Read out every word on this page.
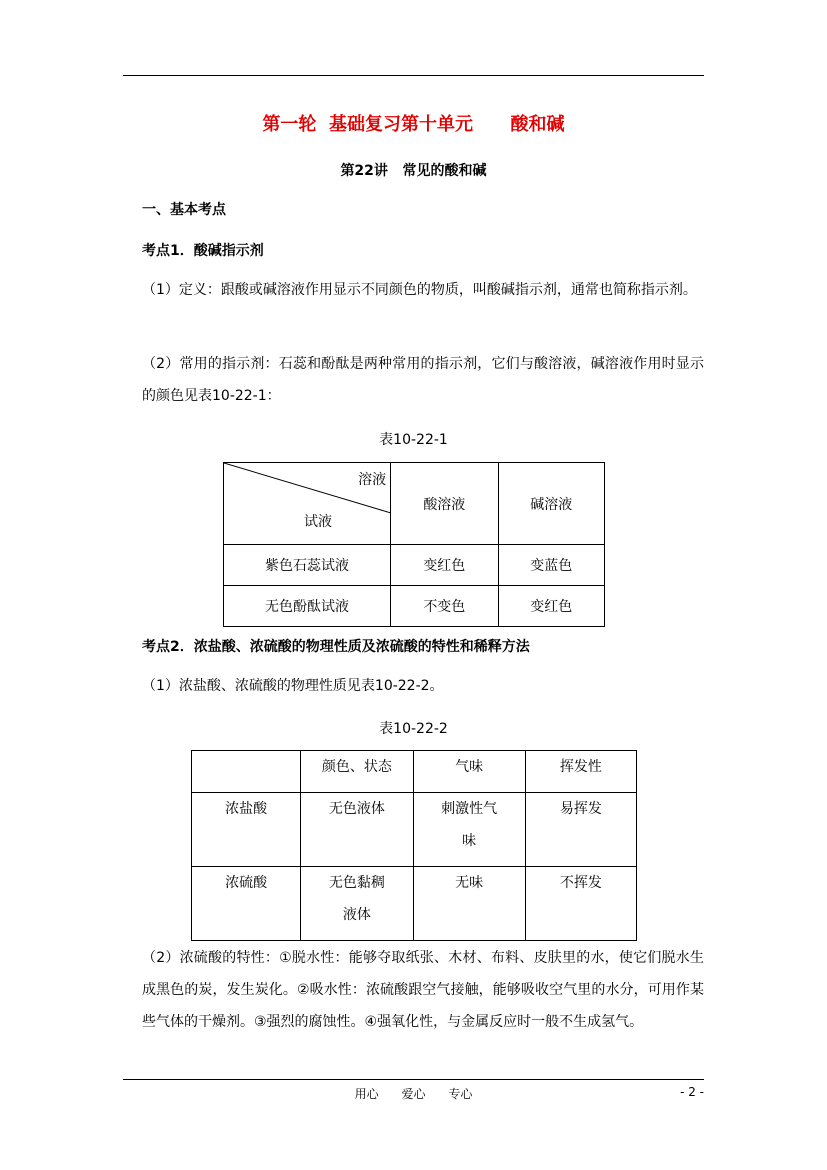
第一轮  基础复习第十单元      酸和碱
第22讲   常见的酸和碱
一、基本考点
考点1．酸碱指示剂
（1）定义：跟酸或碱溶液作用显示不同颜色的物质，叫酸碱指示剂，通常也简称指示剂。
（2）常用的指示剂：石蕊和酚酞是两种常用的指示剂，它们与酸溶液，碱溶液作用时显示的颜色见表10-22-1：
表10-22-1
溶液
试液	酸溶液	碱溶液
紫色石蕊试液	变红色	变蓝色
无色酚酞试液	不变色	变红色
考点2．浓盐酸、浓硫酸的物理性质及浓硫酸的特性和稀释方法
（1）浓盐酸、浓硫酸的物理性质见表10-22-2。
表10-22-2
	颜色、状态	气味	挥发性
浓盐酸	无色液体	刺激性气味	易挥发
浓硫酸	无色黏稠液体	无味	不挥发
（2）浓硫酸的特性：①脱水性：能够夺取纸张、木材、布料、皮肤里的水，使它们脱水生成黑色的炭，发生炭化。②吸水性：浓硫酸跟空气接触，能够吸收空气里的水分，可用作某些气体的干燥剂。③强烈的腐蚀性。④强氧化性，与金属反应时一般不生成氢气。
用心      爱心      专心	- 2 -
